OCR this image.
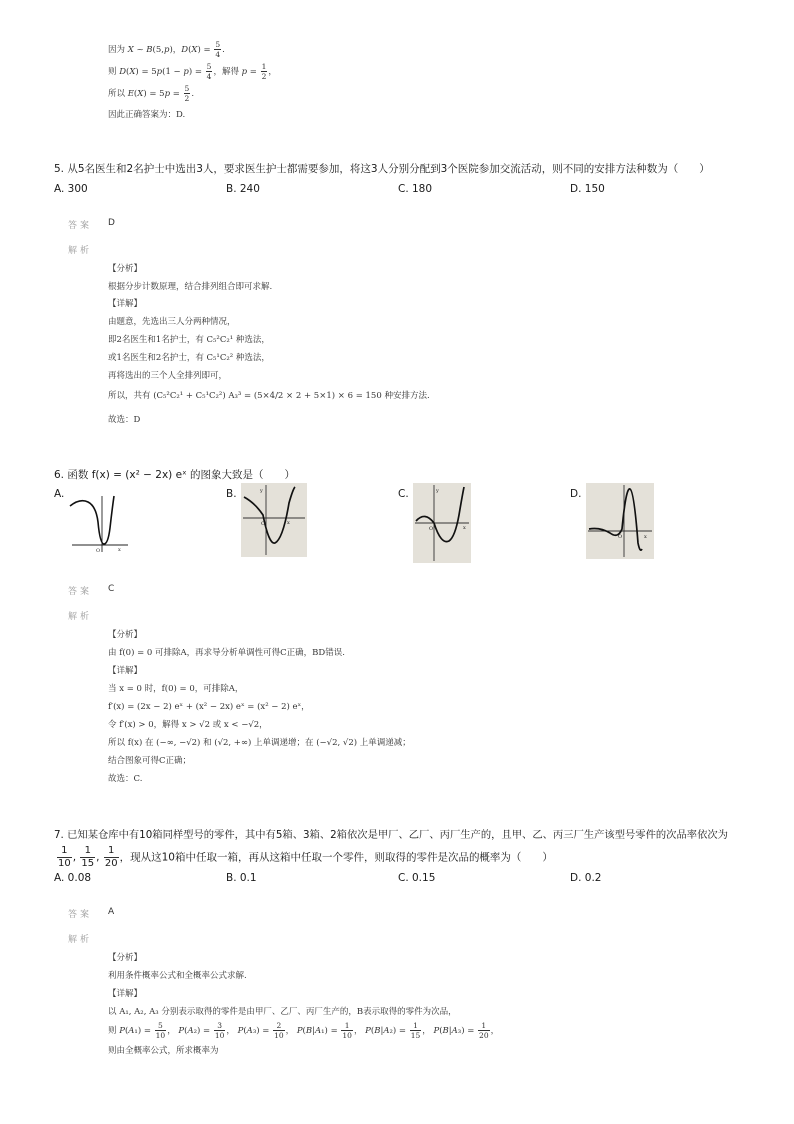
因为 X ~ B(5,p)，$D(X) = \frac{5}{4}$ .
则 $D(X) = 5p(1 - p) = \frac{5}{4}$ ，解得 $p = \frac{1}{2}$ ，
所以 $E(X) = 5p = \frac{5}{2}$ .
因此正确答案为：D.
5. 从5名医生和2名护士中选出3人，要求医生护士都需要参加，将这3人分别分配到3个医院参加交流活动，则不同的安排方法种数为（　　）
A. 300	B. 240	C. 180	D. 150
答案 D
解析
【分析】
根据分步计数原理，结合排列组合即可求解.
【详解】
由题意，先选出三人分两种情况，
即2名医生和1名护士，有 C₅²C₂¹ 种选法，
或1名医生和2名护士，有 C₅¹C₂² 种选法，
再将选出的三个人全排列即可，
所以，共有 (C₅²C₂¹ + C₅¹C₂²) A₃³ = (5×4/2 × 2 + 5×1) × 6 = 150 种安排方法.
故选：D
6. 函数 f(x) = (x² − 2x) eˣ 的图象大致是（　　）
A.	B.	C.	D.
O	x
O	x
y
O	x
y
O	x
答案 C
解析
【分析】
由 f(0) = 0 可排除A，再求导分析单调性可得C正确，BD错误.
【详解】
当 x = 0 时，f(0) = 0，可排除A，
f′(x) = (2x − 2) eˣ + (x² − 2x) eˣ = (x² − 2) eˣ，
令 f′(x) > 0，解得 x > √2 或 x < −√2，
所以 f(x) 在 (−∞, −√2) 和 (√2, +∞) 上单调递增；在 (−√2, √2) 上单调递减；
结合图象可得C正确；
故选：C.
7. 已知某仓库中有10箱同样型号的零件，其中有5箱、3箱、2箱依次是甲厂、乙厂、丙厂生产的，且甲、乙、丙三厂生产该型号零件的次品率依次为
$\frac{1}{10}$ , $\frac{1}{15}$ , $\frac{1}{20}$ ，现从这10箱中任取一箱，再从这箱中任取一个零件，则取得的零件是次品的概率为（　　）
A. 0.08	B. 0.1	C. 0.15	D. 0.2
答案 A
解析
【分析】
利用条件概率公式和全概率公式求解.
【详解】
以 A₁, A₂, A₃ 分别表示取得的零件是由甲厂、乙厂、丙厂生产的，B表示取得的零件为次品，
则 $P(A_1) = \frac{5}{10}$ ， $P(A_2) = \frac{3}{10}$ ， $P(A_3) = \frac{2}{10}$ ， $P(B|A_1) = \frac{1}{10}$ ， $P(B|A_2) = \frac{1}{15}$ ， $P(B|A_3) = \frac{1}{20}$ ，
则由全概率公式，所求概率为
